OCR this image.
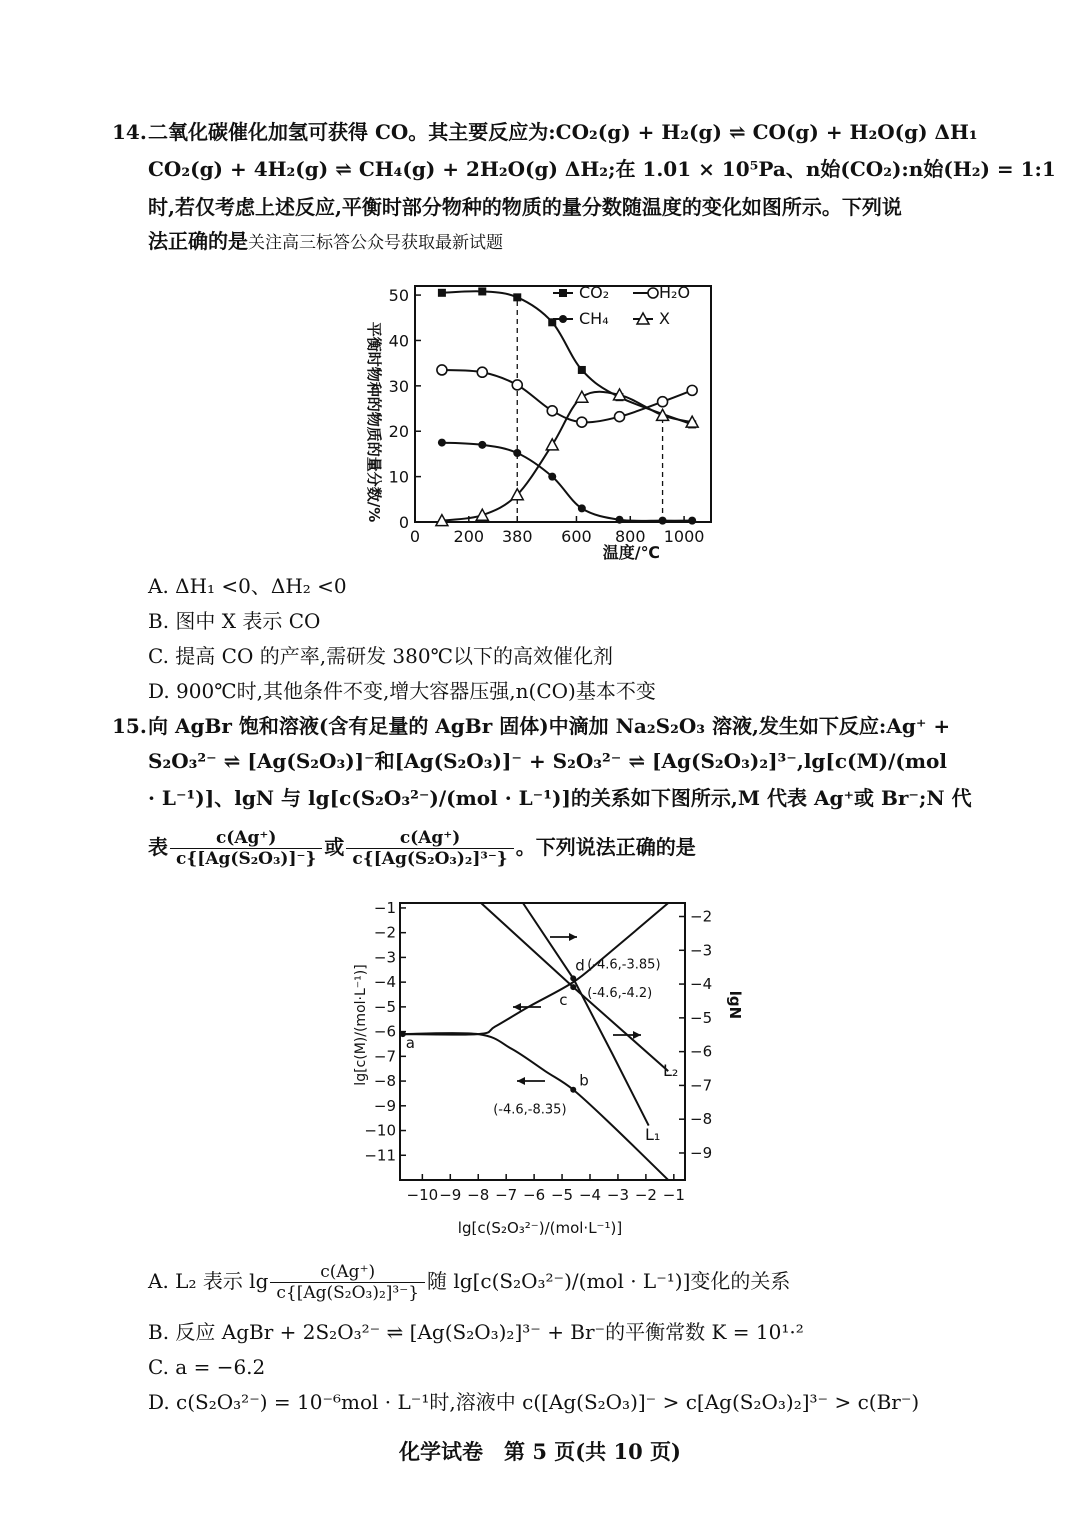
14. 二氧化碳催化加氢可获得 CO。其主要反应为:CO₂(g) + H₂(g) ⇌ CO(g) + H₂O(g) ΔH₁
CO₂(g) + 4H₂(g) ⇌ CH₄(g) + 2H₂O(g) ΔH₂;在 1.01 × 10⁵Pa、n始(CO₂):n始(H₂) = 1:1
时,若仅考虑上述反应,平衡时部分物种的物质的量分数随温度的变化如图所示。下列说
法正确的是关注高三标答公众号获取最新试题
0
10
20
30
40
50
0 200 380 600 800 1000
CO₂	H₂O
CH₄	X
平衡时物种的物质的量分数/%
温度/℃
A. ΔH₁ <0、ΔH₂ <0
B. 图中 X 表示 CO
C. 提高 CO 的产率,需研发 380℃以下的高效催化剂
D. 900℃时,其他条件不变,增大容器压强,n(CO)基本不变
15. 向 AgBr 饱和溶液(含有足量的 AgBr 固体)中滴加 Na₂S₂O₃ 溶液,发生如下反应:Ag⁺ +
S₂O₃²⁻ ⇌ [Ag(S₂O₃)]⁻和[Ag(S₂O₃)]⁻ + S₂O₃²⁻ ⇌ [Ag(S₂O₃)₂]³⁻,lg[c(M)/(mol
· L⁻¹)]、lgN 与 lg[c(S₂O₃²⁻)/(mol · L⁻¹)]的关系如下图所示,M 代表 Ag⁺或 Br⁻;N 代
表 $\frac{c(Ag^+)}{\text{c\{[Ag(S₂O₃)]⁻\}}}$ 或 $\frac{c(Ag^+)}{\text{c\{[Ag(S₂O₃)₂]³⁻\}}}$ 。下列说法正确的是
−1
−2
−3
−4
−5
−6
−7
−8
−9
−10
−11
−2
−3
−4
−5
−6
−7
−8
−9
−10 −9 −8 −7 −6 −5 −4 −3 −2 −1
a
b
(-4.6,-8.35)
c (-4.6,-4.2)
d (-4.6,-3.85)
L₂
L₁
lg[c(M)/(mol·L⁻¹)]	lgN
lg[c(S₂O₃²⁻)/(mol·L⁻¹)]
A. L₂ 表示 $\lg \frac{c(Ag^+)}{\text{c\{[Ag(S₂O₃)₂]³⁻\}}}$ 随 lg[c(S₂O₃²⁻)/(mol · L⁻¹)]变化的关系
B. 反应 AgBr + 2S₂O₃²⁻ ⇌ [Ag(S₂O₃)₂]³⁻ + Br⁻的平衡常数 K = 10¹·²
C. a = −6.2
D. c(S₂O₃²⁻) = 10⁻⁶mol · L⁻¹时,溶液中 c([Ag(S₂O₃)]⁻ > c[Ag(S₂O₃)₂]³⁻ > c(Br⁻)
化学试卷　第 5 页(共 10 页)
